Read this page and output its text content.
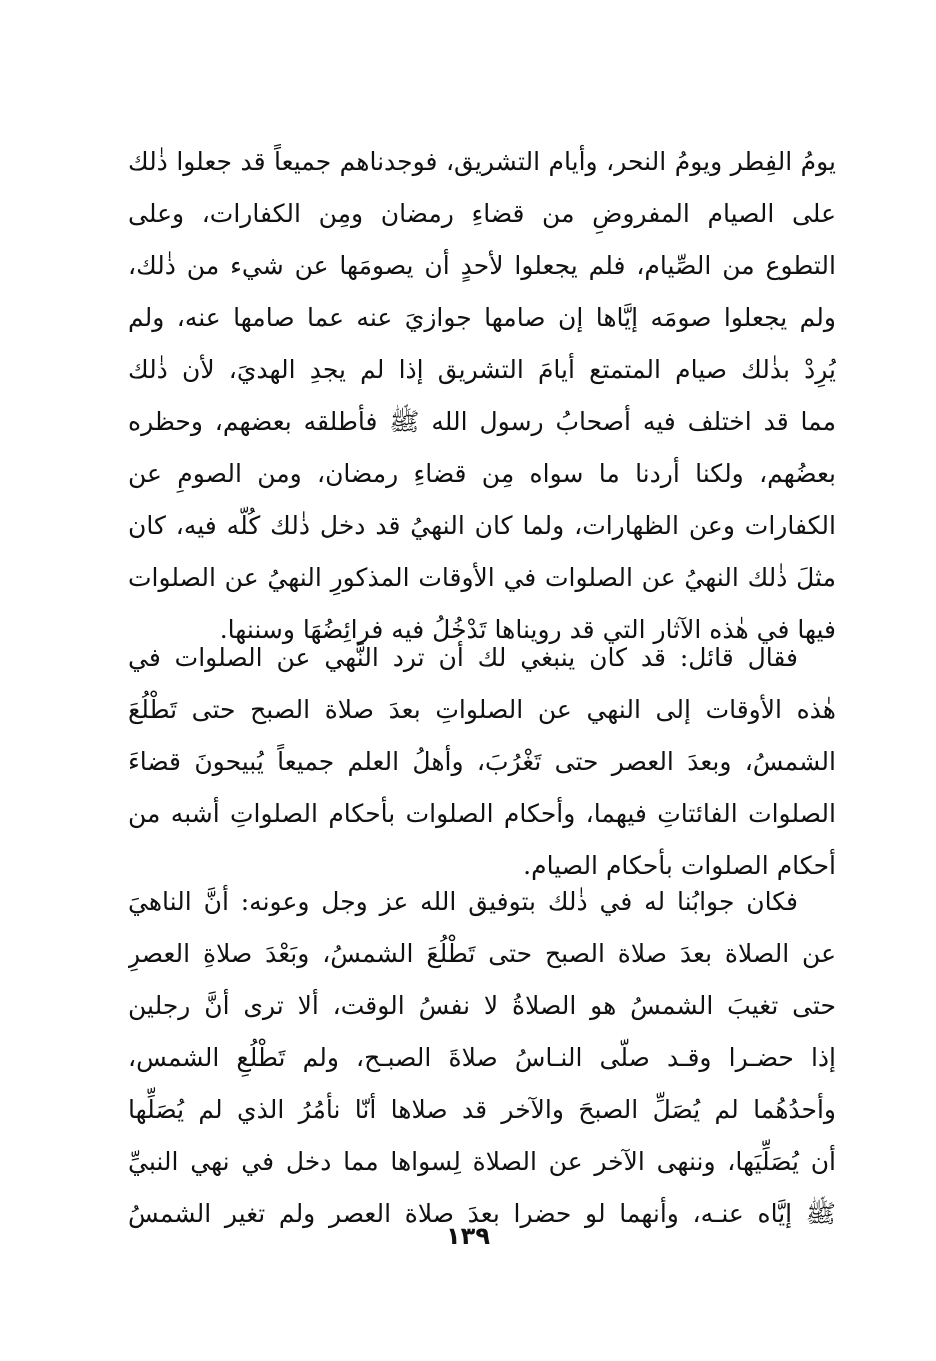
يومُ الفِطر ويومُ النحر، وأيام التشريق، فوجدناهم جميعاً قد جعلوا ذٰلك
على الصيام المفروضِ من قضاءِ رمضان ومِن الكفارات، وعلى
التطوع من الصِّيام، فلم يجعلوا لأحدٍ أن يصومَها عن شيء من ذٰلك،
ولم يجعلوا صومَه إيَّاها إن صامها جوازيَ عنه عما صامها عنه، ولم
يُرِدْ بذٰلك صيام المتمتع أيامَ التشريق إذا لم يجدِ الهديَ، لأن ذٰلك
مما قد اختلف فيه أصحابُ رسول الله ﷺ فأطلقه بعضهم، وحظره
بعضُهم، ولكنا أردنا ما سواه مِن قضاءِ رمضان، ومن الصومِ عن
الكفارات وعن الظهارات، ولما كان النهيُ قد دخل ذٰلك كُلّه فيه، كان
مثلَ ذٰلك النهيُ عن الصلوات في الأوقات المذكورِ النهيُ عن الصلوات
فيها في هٰذه الآثار التي قد رويناها تَدْخُلُ فيه فرائِضُهَا وسننها.
فقال قائل: قد كان ينبغي لك أن ترد النَّهي عن الصلوات في
هٰذه الأوقات إلى النهي عن الصلواتِ بعدَ صلاة الصبح حتى تَطْلُعَ
الشمسُ، وبعدَ العصر حتى تَغْرُبَ، وأهلُ العلم جميعاً يُبيحونَ قضاءَ
الصلوات الفائتاتِ فيهما، وأحكام الصلوات بأحكام الصلواتِ أشبه من
أحكام الصلوات بأحكام الصيام.
فكان جوابُنا له في ذٰلك بتوفيق الله عز وجل وعونه: أنَّ الناهيَ
عن الصلاة بعدَ صلاة الصبح حتى تَطْلُعَ الشمسُ، وبَعْدَ صلاةِ العصرِ
حتى تغيبَ الشمسُ هو الصلاةُ لا نفسُ الوقت، ألا ترى أنَّ رجلين
إذا حضـرا وقـد صلّى النـاسُ صلاةَ الصبـح، ولم تَطْلُعِ الشمس،
وأحدُهُما لم يُصَلِّ الصبحَ والآخر قد صلاها أنّا نأمُرُ الذي لم يُصَلِّها
أن يُصَلِّيَها، وننهى الآخر عن الصلاة لِسواها مما دخل في نهي النبيِّ
ﷺ إيَّاه عنـه، وأنهما لو حضرا بعدَ صلاة العصر ولم تغير الشمسُ
١٣٩
